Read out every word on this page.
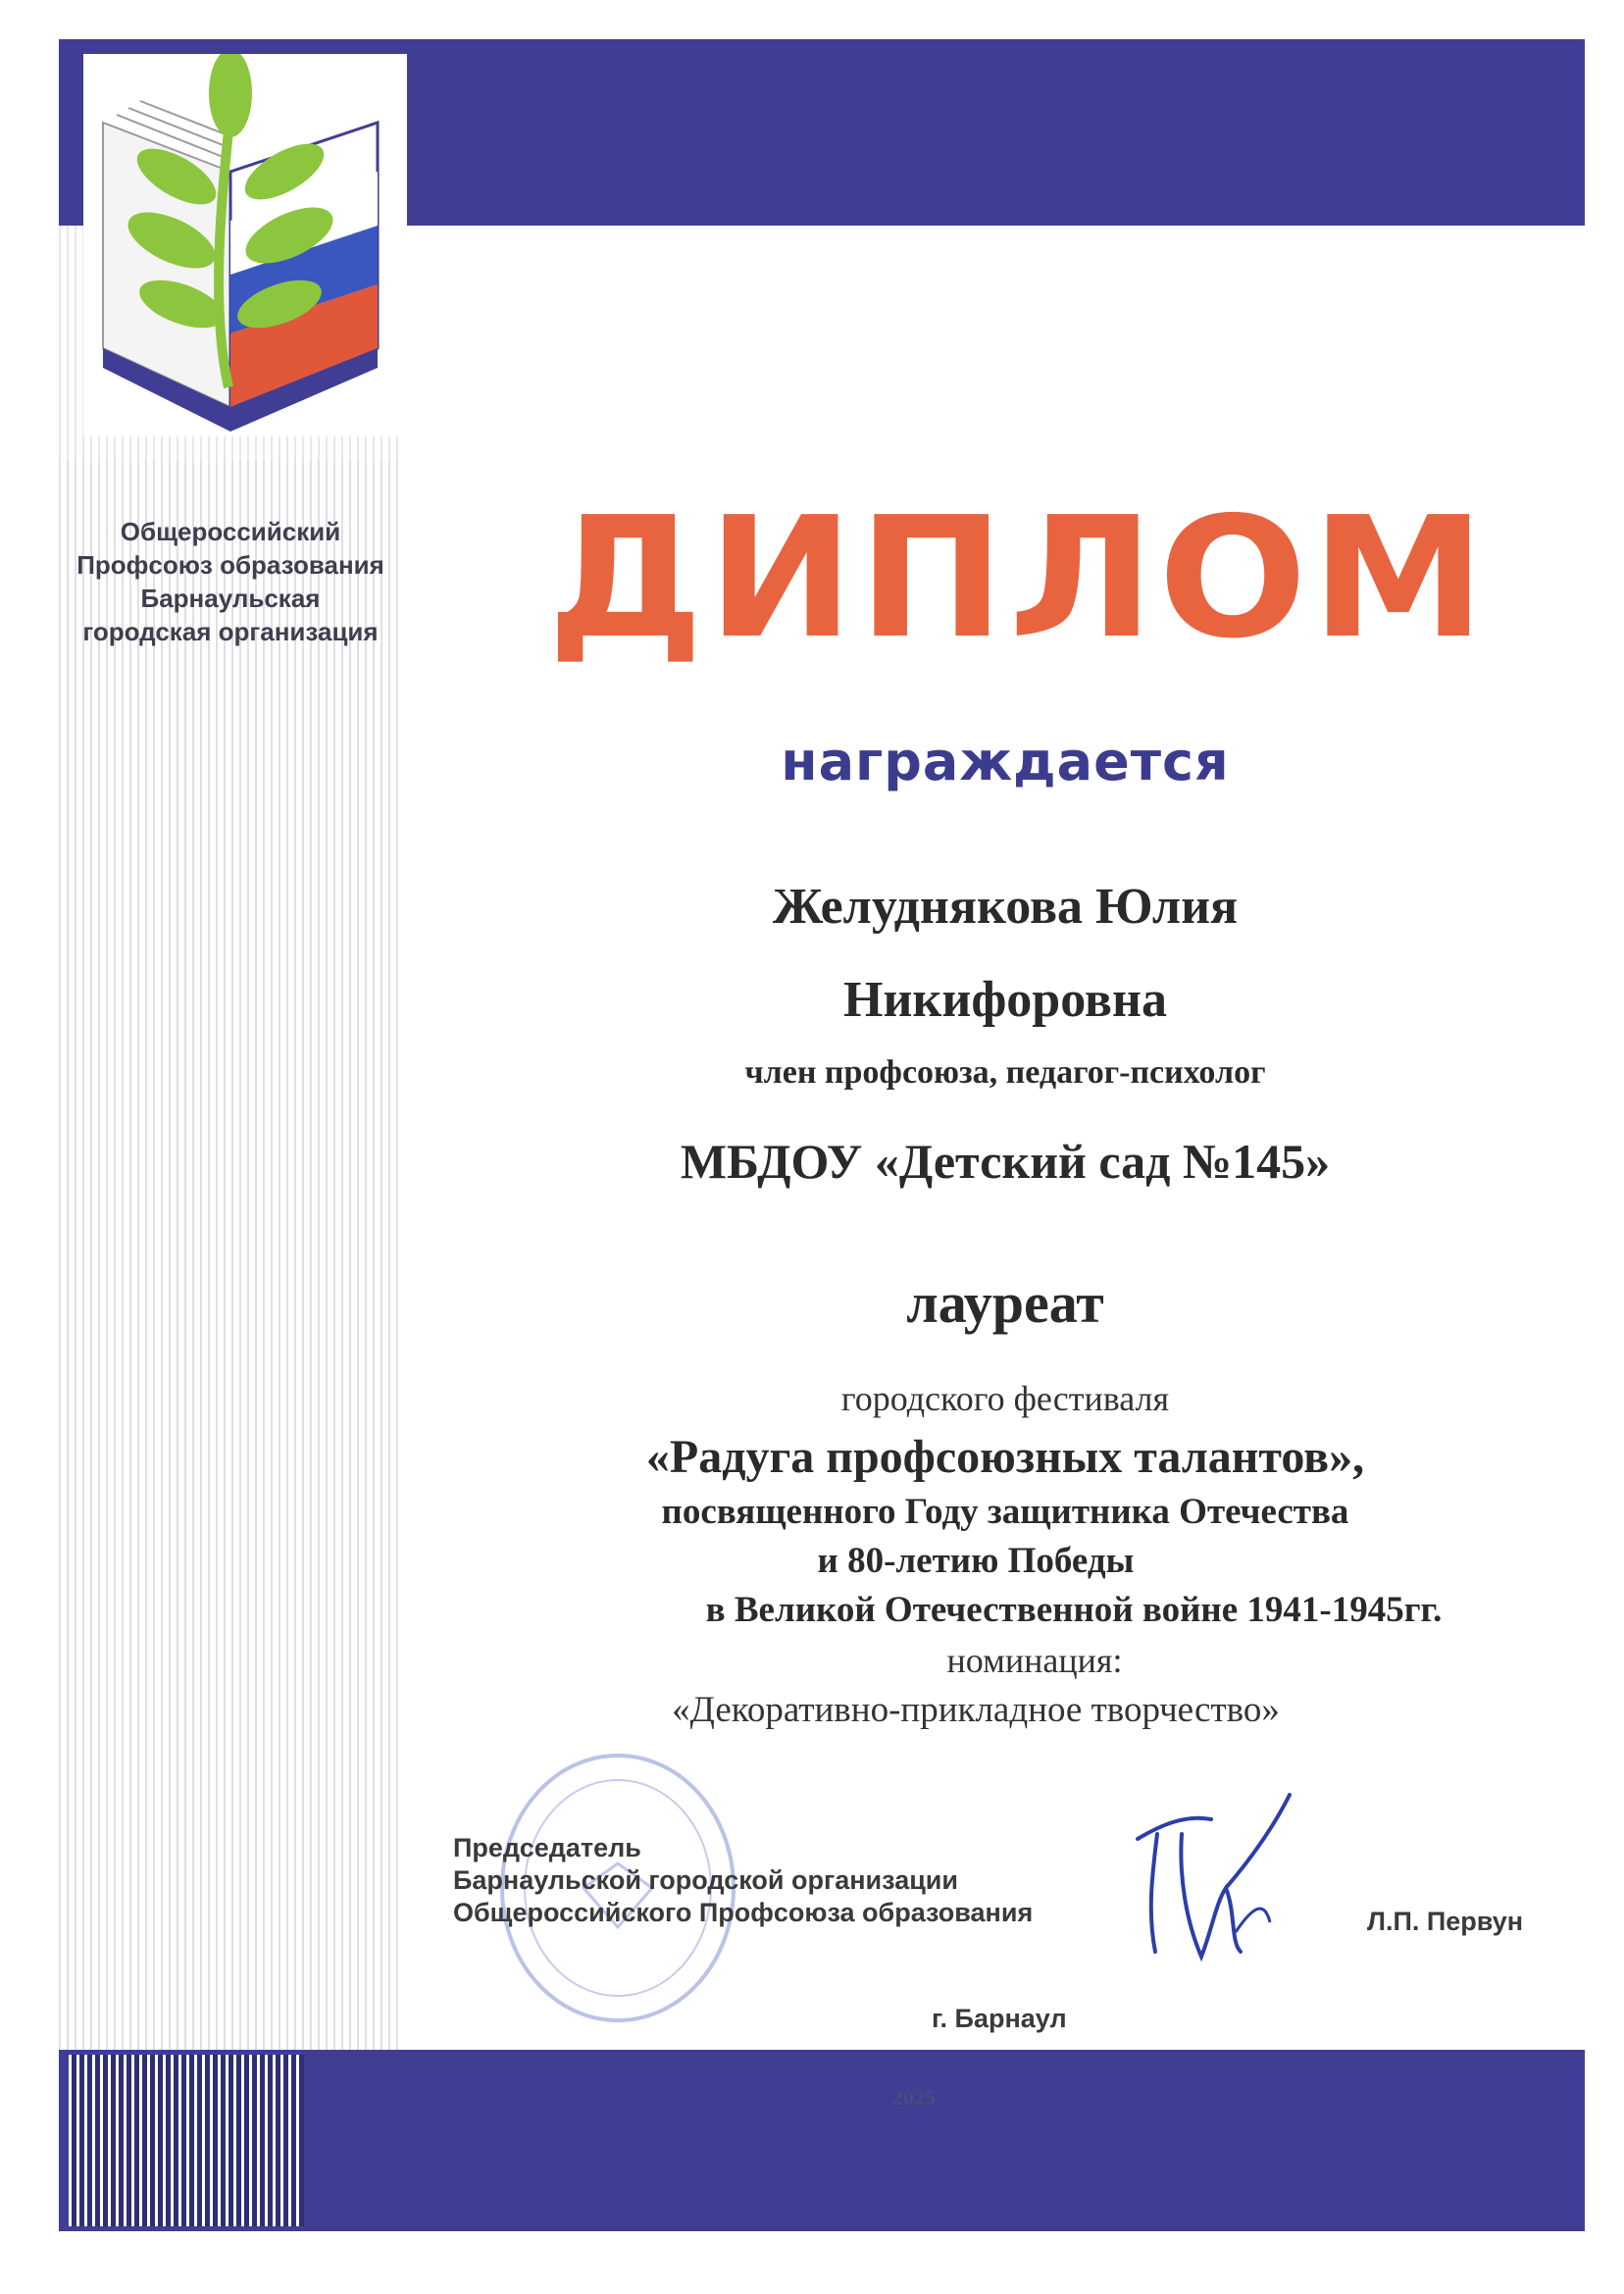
Общероссийский
Профсоюз образования
Барнаульская
городская организация ДИПЛОМ
награждается
Желуднякова Юлия
Никифоровна
член профсоюза, педагог-психолог
МБДОУ «Детский сад №145»
лауреат
городского фестиваля
«Радуга профсоюзных талантов»,
посвященного Году защитника Отечества
и 80-летию Победы
в Великой Отечественной войне 1941-1945гг.
номинация:
«Декоративно-прикладное творчество»
Председатель
Барнаульской городской организации
Общероссийского Профсоюза образования	Л.П. Первун
г. Барнаул
2025
